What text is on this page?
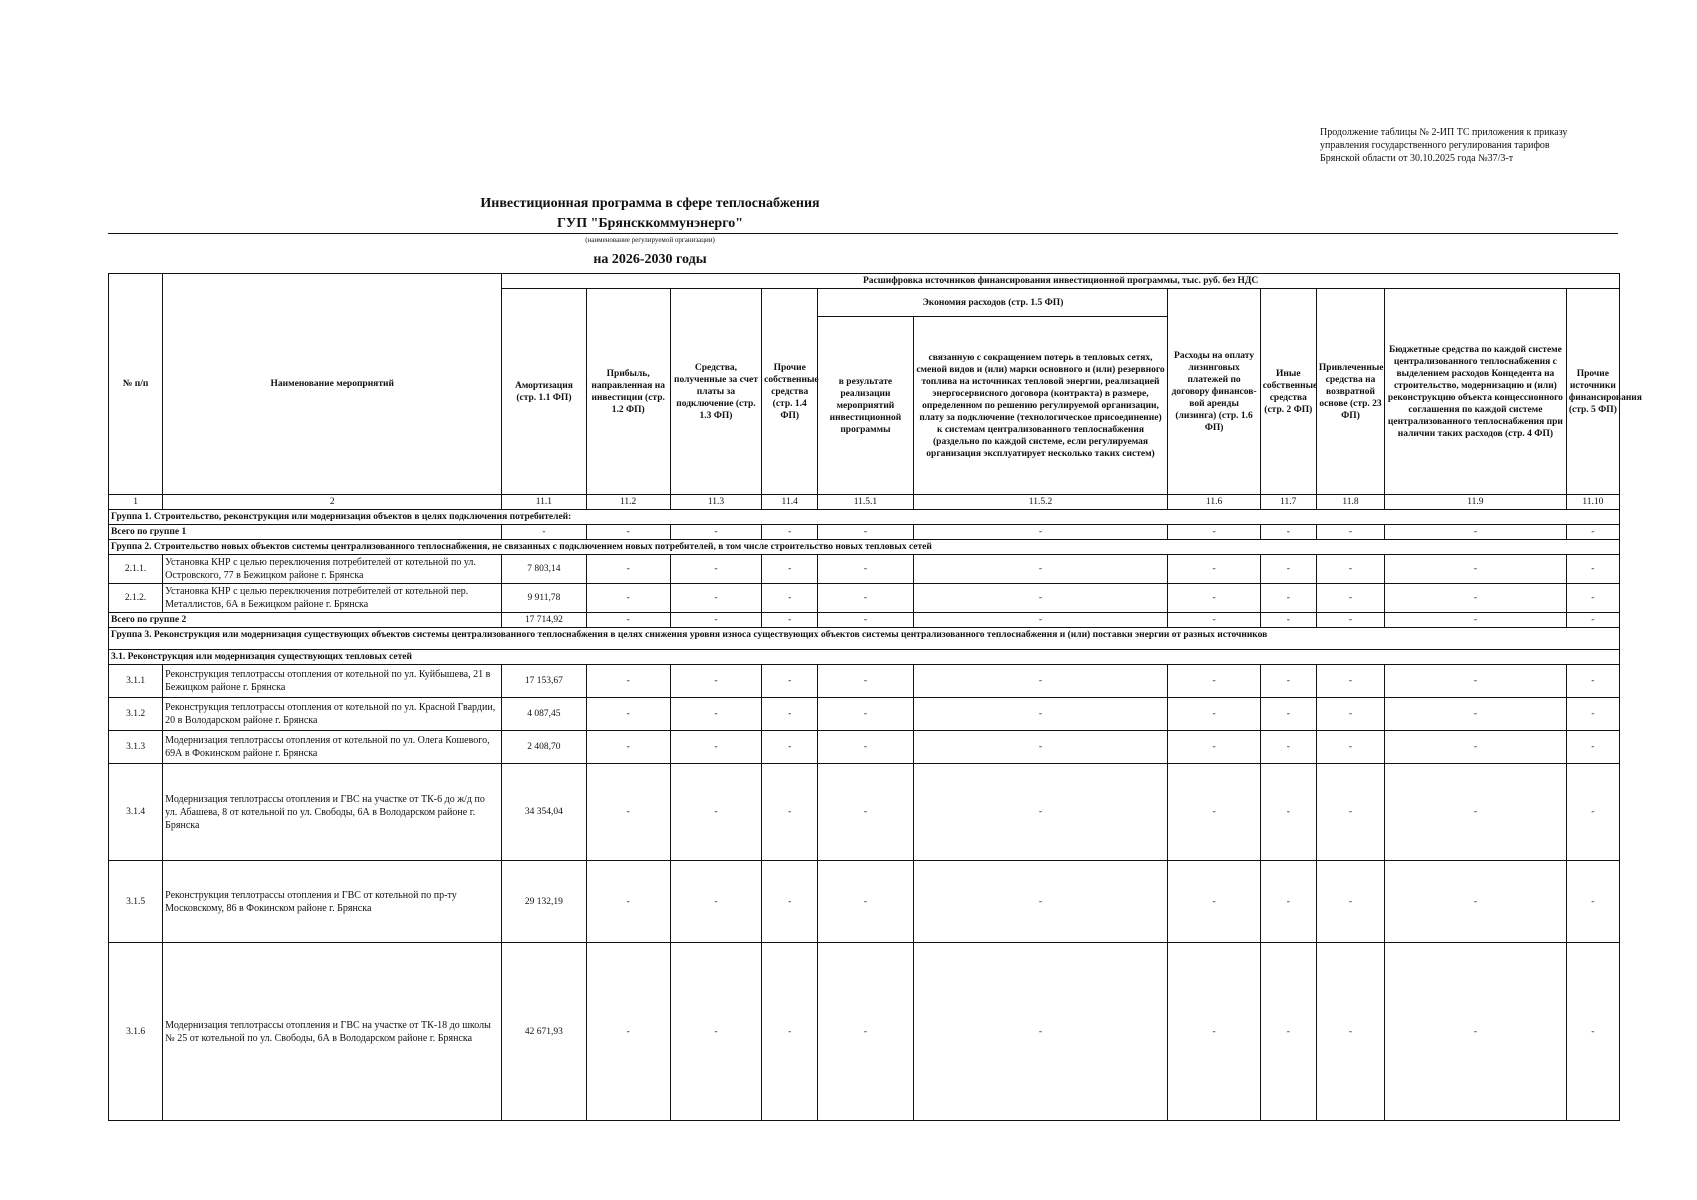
Продолжение таблицы № 2-ИП ТС приложения к приказу управления государственного регулирования тарифов Брянской области от 30.10.2025 года №37/3-т
Инвестиционная программа в сфере теплоснабжения
ГУП "Брянсккоммунэнерго"
(наименование регулируемой организации)
на 2026-2030 годы
№ п/п	Наименование мероприятий	Расшифровка источников финансирования инвестиционной программы, тыс. руб. без НДС										
		Амортизация (стр. 1.1 ФП)	Прибыль, направленная на инвестиции (стр. 1.2 ФП)	Средства, полученные за счет платы за подключение (стр. 1.3 ФП)	Прочие собственные средства (стр. 1.4 ФП)	Экономия расходов (стр. 1.5 ФП)		Расходы на оплату лизинговых платежей по договору финансов-вой аренды (лизинга) (стр. 1.6 ФП)	Иные собственные средства (стр. 2 ФП)	Привлеченные средства на возвратной основе (стр. 23 ФП)	Бюджетные средства по каждой системе централизованного теплоснабжения с выделением расходов Концедента на строительство, модернизацию и (или) реконструкцию объекта концессионного соглашения по каждой системе централизованного теплоснабжения при наличии таких расходов (стр. 4 ФП)	Прочие источники финансирования (стр. 5 ФП)
						в результате реализации мероприятий инвестиционной программы	связанную с сокращением потерь в тепловых сетях, сменой видов и (или) марки основного и (или) резервного топлива на источниках тепловой энергии, реализацией энергосервисного договора (контракта) в размере, определенном по решению регулируемой организации, плату за подключение (технологическое присоединение) к системам централизованного теплоснабжения (раздельно по каждой системе, если регулируемая организация эксплуатирует несколько таких систем)					
1	2	11.1	11.2	11.3	11.4	11.5.1	11.5.2	11.6	11.7	11.8	11.9	11.10
Группа 1. Строительство, реконструкция или модернизация объектов в целях подключения потребителей:												
Всего по группе 1		-	-	-	-	-	-	-	-	-	-	-
Группа 2. Строительство новых объектов системы централизованного теплоснабжения, не связанных с подключением новых потребителей, в том числе строительство новых тепловых сетей												
2.1.1.	Установка КНР с целью переключения потребителей от котельной по ул. Островского, 77 в Бежицком районе г. Брянска	7 803,14	-	-	-	-	-	-	-	-	-	-
2.1.2.	Установка КНР с целью переключения потребителей от котельной пер. Металлистов, 6А в Бежицком районе г. Брянска	9 911,78	-	-	-	-	-	-	-	-	-	-
Всего по группе 2		17 714,92	-	-	-	-	-	-	-	-	-	-
Группа 3. Реконструкция или модернизация существующих объектов системы централизованного теплоснабжения в целях снижения уровня износа существующих объектов системы централизованного теплоснабжения и (или) поставки энергии от разных источников												
3.1. Реконструкция или модернизация существующих тепловых сетей												
3.1.1	Реконструкция теплотрассы отопления от котельной по ул. Куйбышева, 21 в Бежицком районе г. Брянска	17 153,67	-	-	-	-	-	-	-	-	-	-
3.1.2	Реконструкция теплотрассы отопления от котельной по ул. Красной Гвардии, 20 в Володарском районе г. Брянска	4 087,45	-	-	-	-	-	-	-	-	-	-
3.1.3	Модернизация теплотрассы отопления от котельной по ул. Олега Кошевого, 69А в Фокинском районе г. Брянска	2 408,70	-	-	-	-	-	-	-	-	-	-
3.1.4	Модернизация теплотрассы отопления и ГВС на участке от ТК-6 до ж/д по ул. Абашева, 8 от котельной по ул. Свободы, 6А в Володарском районе г. Брянска	34 354,04	-	-	-	-	-	-	-	-	-	-
3.1.5	Реконструкция теплотрассы отопления и ГВС от котельной по пр-ту Московскому, 86 в Фокинском районе г. Брянска	29 132,19	-	-	-	-	-	-	-	-	-	-
3.1.6	Модернизация теплотрассы отопления и ГВС на участке от ТК-18 до школы № 25 от котельной по ул. Свободы, 6А в Володарском районе г. Брянска	42 671,93	-	-	-	-	-	-	-	-	-	-
